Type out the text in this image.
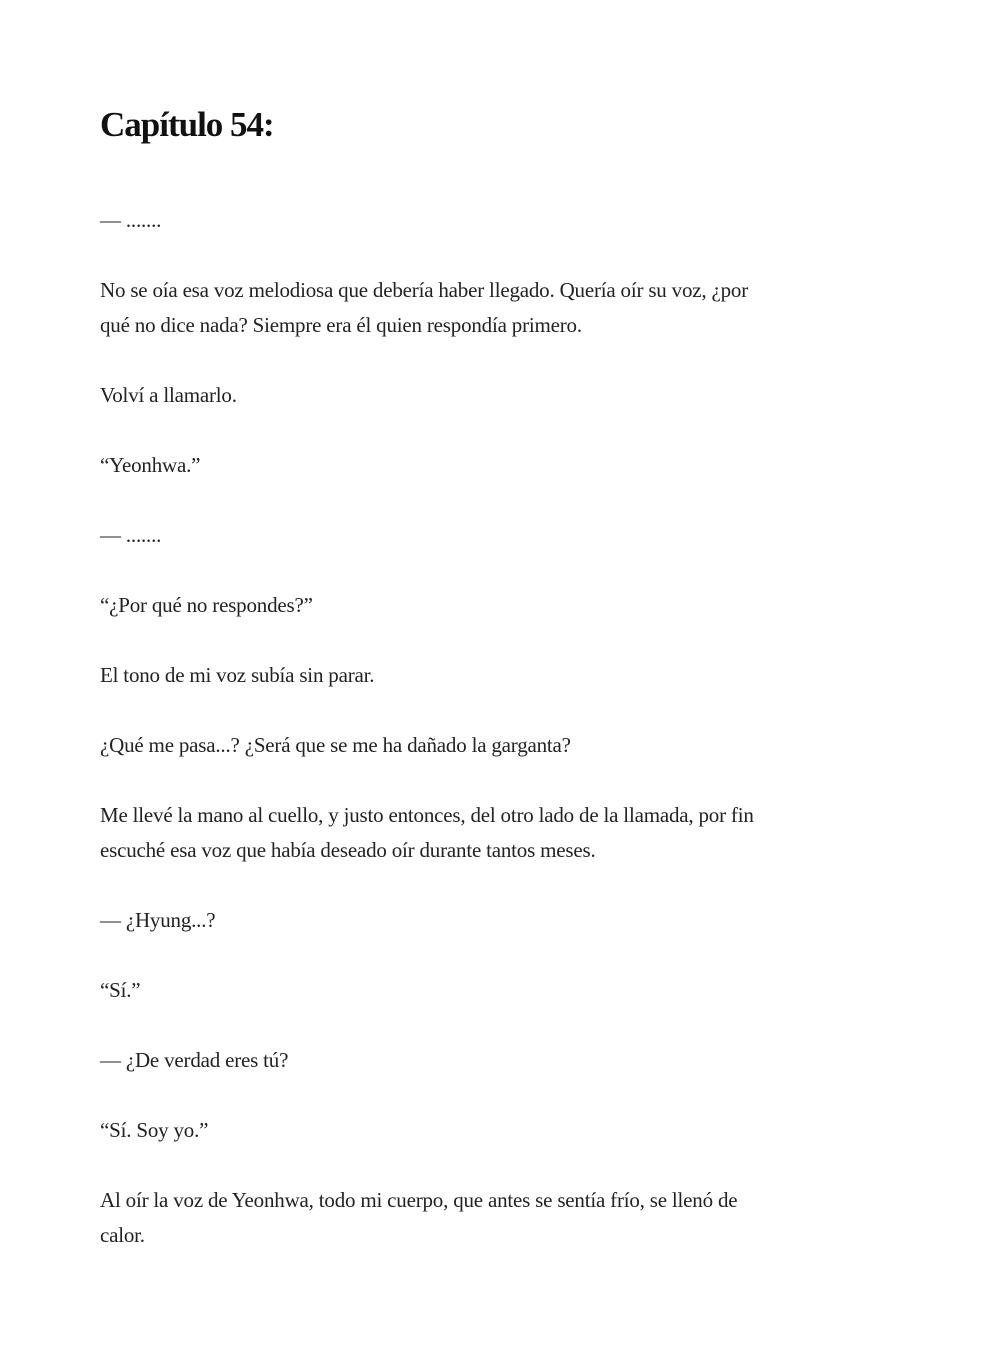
Capítulo 54:

— .......

No se oía esa voz melodiosa que debería haber llegado. Quería oír su voz, ¿por
qué no dice nada? Siempre era él quien respondía primero.

Volví a llamarlo.

“Yeonhwa.”

— .......

“¿Por qué no respondes?”

El tono de mi voz subía sin parar.

¿Qué me pasa...? ¿Será que se me ha dañado la garganta?

Me llevé la mano al cuello, y justo entonces, del otro lado de la llamada, por fin
escuché esa voz que había deseado oír durante tantos meses.

— ¿Hyung...?

“Sí.”

— ¿De verdad eres tú?

“Sí. Soy yo.”

Al oír la voz de Yeonhwa, todo mi cuerpo, que antes se sentía frío, se llenó de
calor.
